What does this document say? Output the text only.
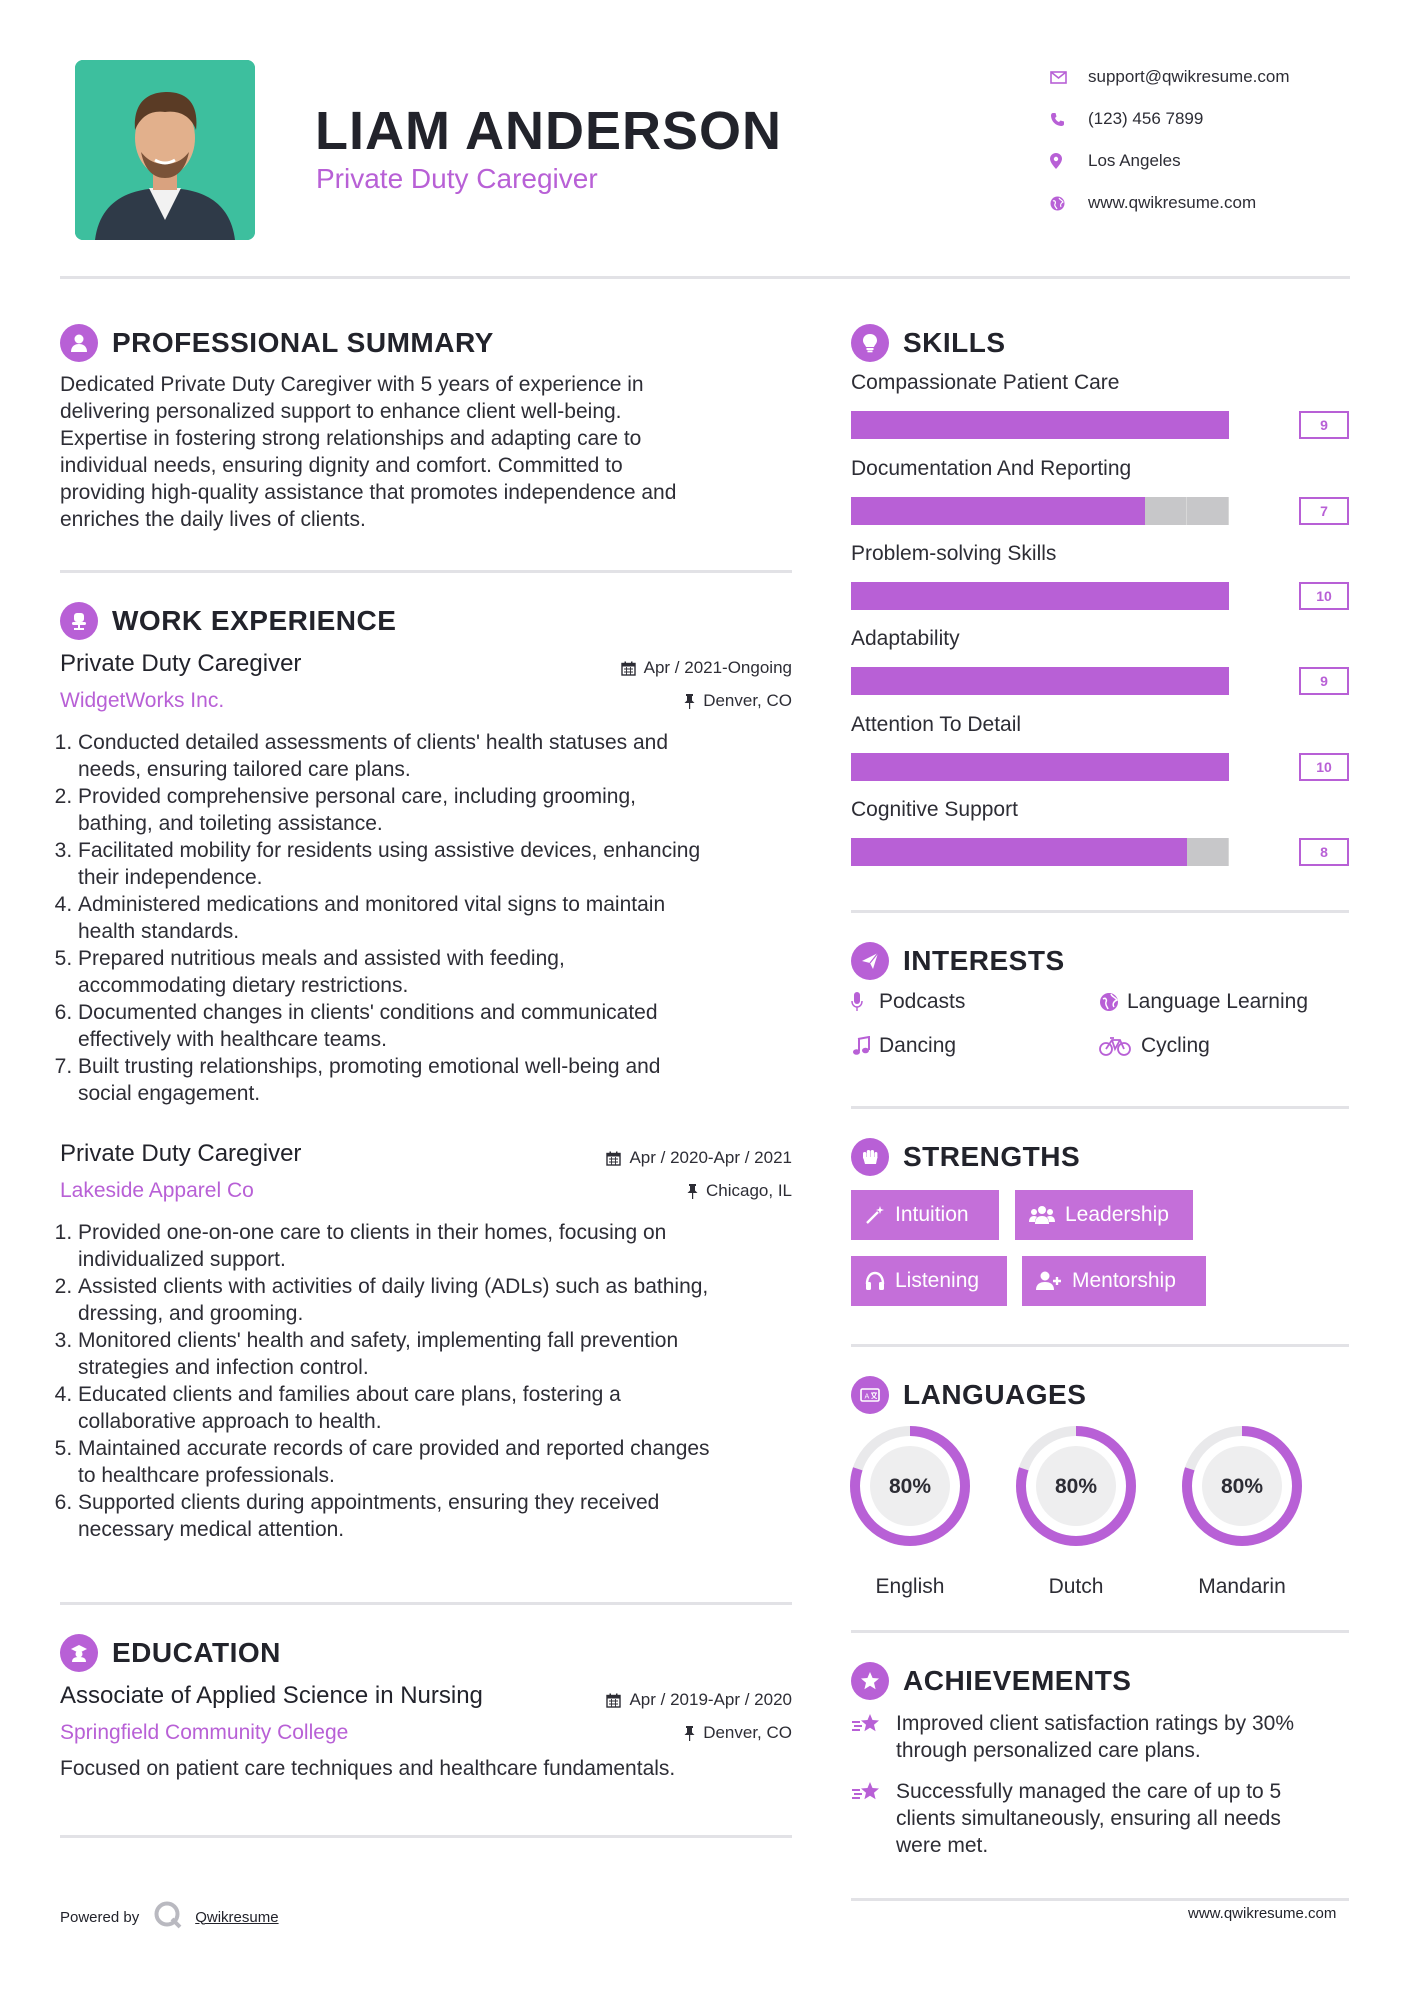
LIAM ANDERSON
Private Duty Caregiver
support@qwikresume.com
(123) 456 7899
Los Angeles
www.qwikresume.com
PROFESSIONAL SUMMARY
Dedicated Private Duty Caregiver with 5 years of experience in
delivering personalized support to enhance client well-being.
Expertise in fostering strong relationships and adapting care to
individual needs, ensuring dignity and comfort. Committed to
providing high-quality assistance that promotes independence and
enriches the daily lives of clients.
WORK EXPERIENCE
Private Duty Caregiver	Apr / 2021-Ongoing
WidgetWorks Inc.	Denver, CO
1. Conducted detailed assessments of clients' health statuses and
needs, ensuring tailored care plans.
2. Provided comprehensive personal care, including grooming,
bathing, and toileting assistance.
3. Facilitated mobility for residents using assistive devices, enhancing
their independence.
4. Administered medications and monitored vital signs to maintain
health standards.
5. Prepared nutritious meals and assisted with feeding,
accommodating dietary restrictions.
6. Documented changes in clients' conditions and communicated
effectively with healthcare teams.
7. Built trusting relationships, promoting emotional well-being and
social engagement.
Private Duty Caregiver	Apr / 2020-Apr / 2021
Lakeside Apparel Co	Chicago, IL
1. Provided one-on-one care to clients in their homes, focusing on
individualized support.
2. Assisted clients with activities of daily living (ADLs) such as bathing,
dressing, and grooming.
3. Monitored clients' health and safety, implementing fall prevention
strategies and infection control.
4. Educated clients and families about care plans, fostering a
collaborative approach to health.
5. Maintained accurate records of care provided and reported changes
to healthcare professionals.
6. Supported clients during appointments, ensuring they received
necessary medical attention.
EDUCATION
Associate of Applied Science in Nursing	Apr / 2019-Apr / 2020
Springfield Community College	Denver, CO
Focused on patient care techniques and healthcare fundamentals.
SKILLS
Compassionate Patient Care
9
Documentation And Reporting
7
Problem-solving Skills
10
Adaptability
9
Attention To Detail
10
Cognitive Support
8
INTERESTS
Podcasts	Language Learning
Dancing	Cycling
STRENGTHS
Intuition	Leadership
Listening	Mentorship
A LANGUAGES
80%
English
80%
Dutch
80%
Mandarin
ACHIEVEMENTS
Improved client satisfaction ratings by 30%
through personalized care plans.
Successfully managed the care of up to 5
clients simultaneously, ensuring all needs
were met.
Powered by	Qwikresume	www.qwikresume.com
